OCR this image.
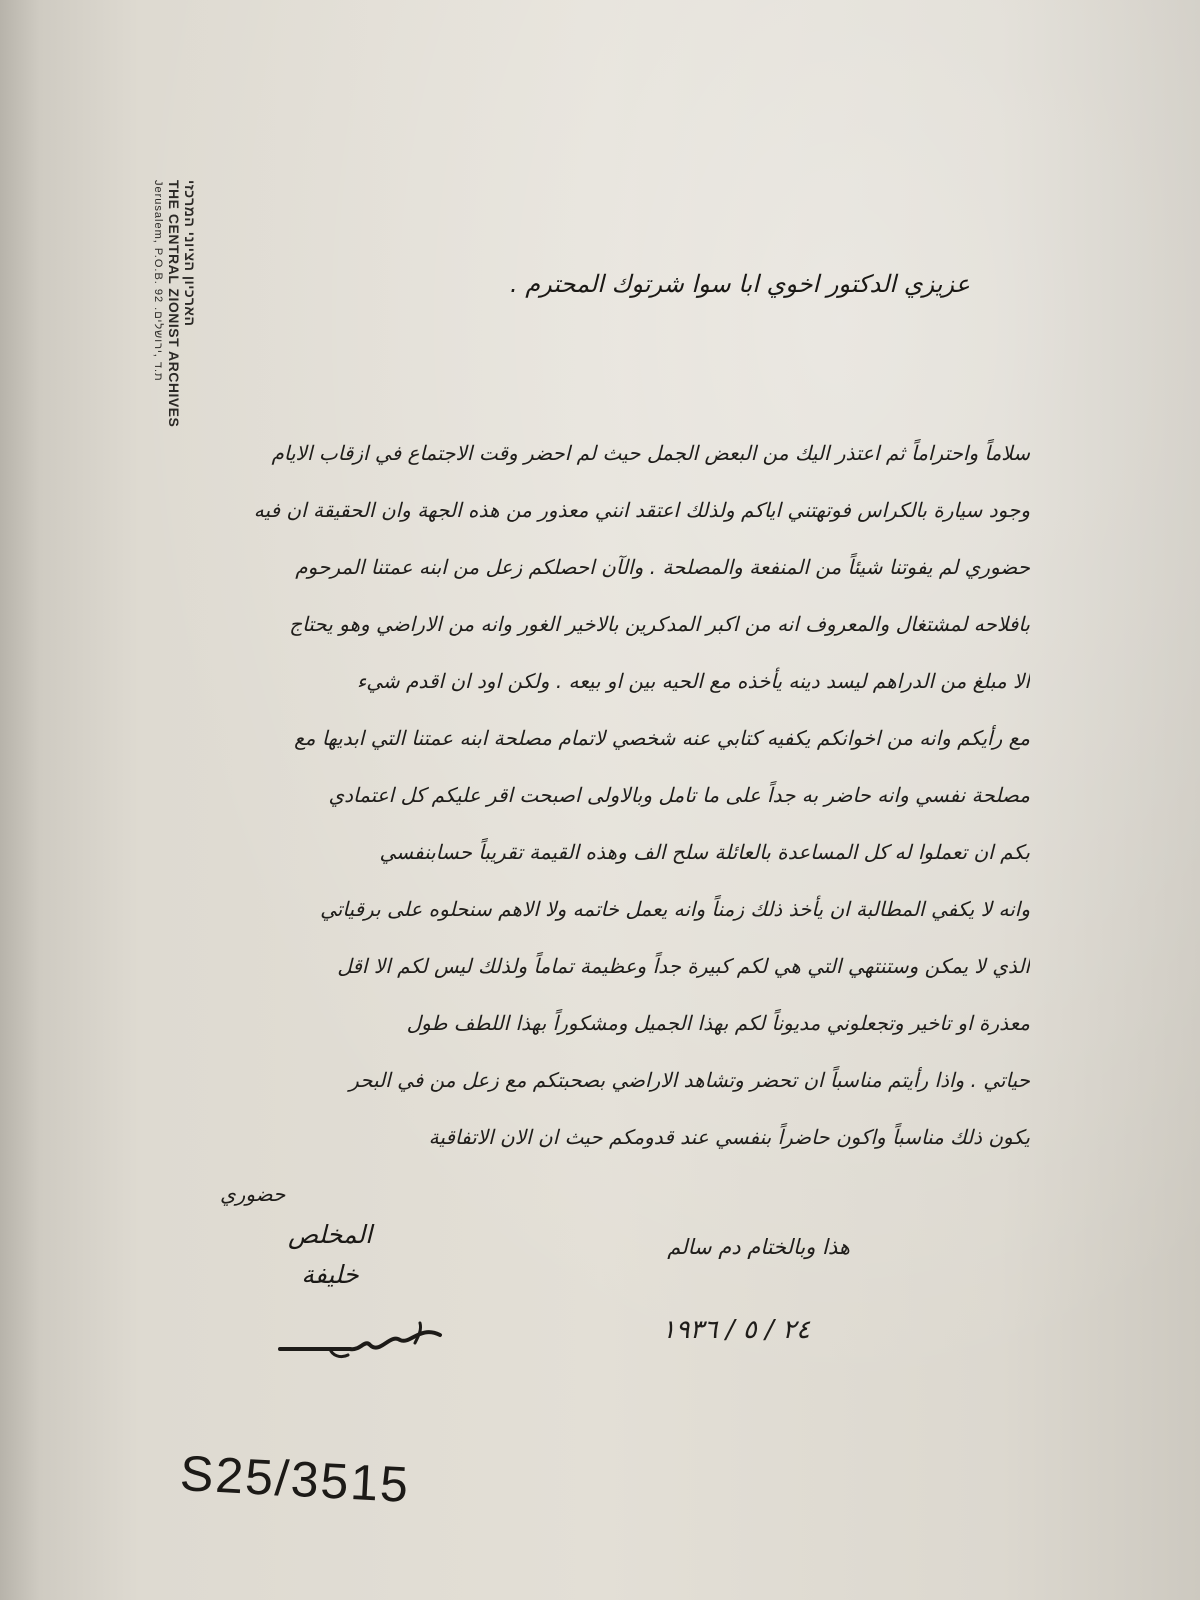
הארכיון הציוני המרכזי
THE CENTRAL ZIONIST ARCHIVES
Jerusalem, P.O.B. 92 .ת.ד ,ירושלים
عزيزي الدكتور اخوي ابا سوا شرتوك المحترم .
سلاماً واحتراماً ثم اعتذر اليك من البعض الجمل حيث لم احضر وقت الاجتماع في ازقاب الايام
وجود سيارة بالكراس فوتهتني اياكم ولذلك اعتقد انني معذور من هذه الجهة وان الحقيقة ان فيه
حضوري لم يفوتنا شيئاً من المنفعة والمصلحة . والآن احصلكم زعل من ابنه عمتنا المرحوم
بافلاحه لمشتغال والمعروف انه من اكبر المدكرين بالاخير الغور وانه من الاراضي وهو يحتاج
الا مبلغ من الدراهم ليسد دينه يأخذه مع الحيه بين او بيعه . ولكن اود ان اقدم شيء
مع رأيكم وانه من اخوانكم يكفيه كتابي عنه شخصي لاتمام مصلحة ابنه عمتنا التي ابديها مع
مصلحة نفسي وانه حاضر به جداً على ما تامل وبالاولى اصبحت اقر عليكم كل اعتمادي
بكم ان تعملوا له كل المساعدة بالعائلة سلح الف وهذه القيمة تقريباً حسابنفسي
وانه لا يكفي المطالبة ان يأخذ ذلك زمناً وانه يعمل خاتمه ولا الاهم سنحلوه على برقياتي
الذي لا يمكن وستنتهي التي هي لكم كبيرة جداً وعظيمة تماماً ولذلك ليس لكم الا اقل
معذرة او تاخير وتجعلوني مديوناً لكم بهذا الجميل ومشكوراً بهذا اللطف طول
حياتي . واذا رأيتم مناسباً ان تحضر وتشاهد الاراضي بصحبتكم مع زعل من في البحر
يكون ذلك مناسباً واكون حاضراً بنفسي عند قدومكم حيث ان الان الاتفاقية
حضوري
هذا وبالختام دم سالم
٢٤ / ٥ / ١٩٣٦
المخلص
خليفة
S25/3515
